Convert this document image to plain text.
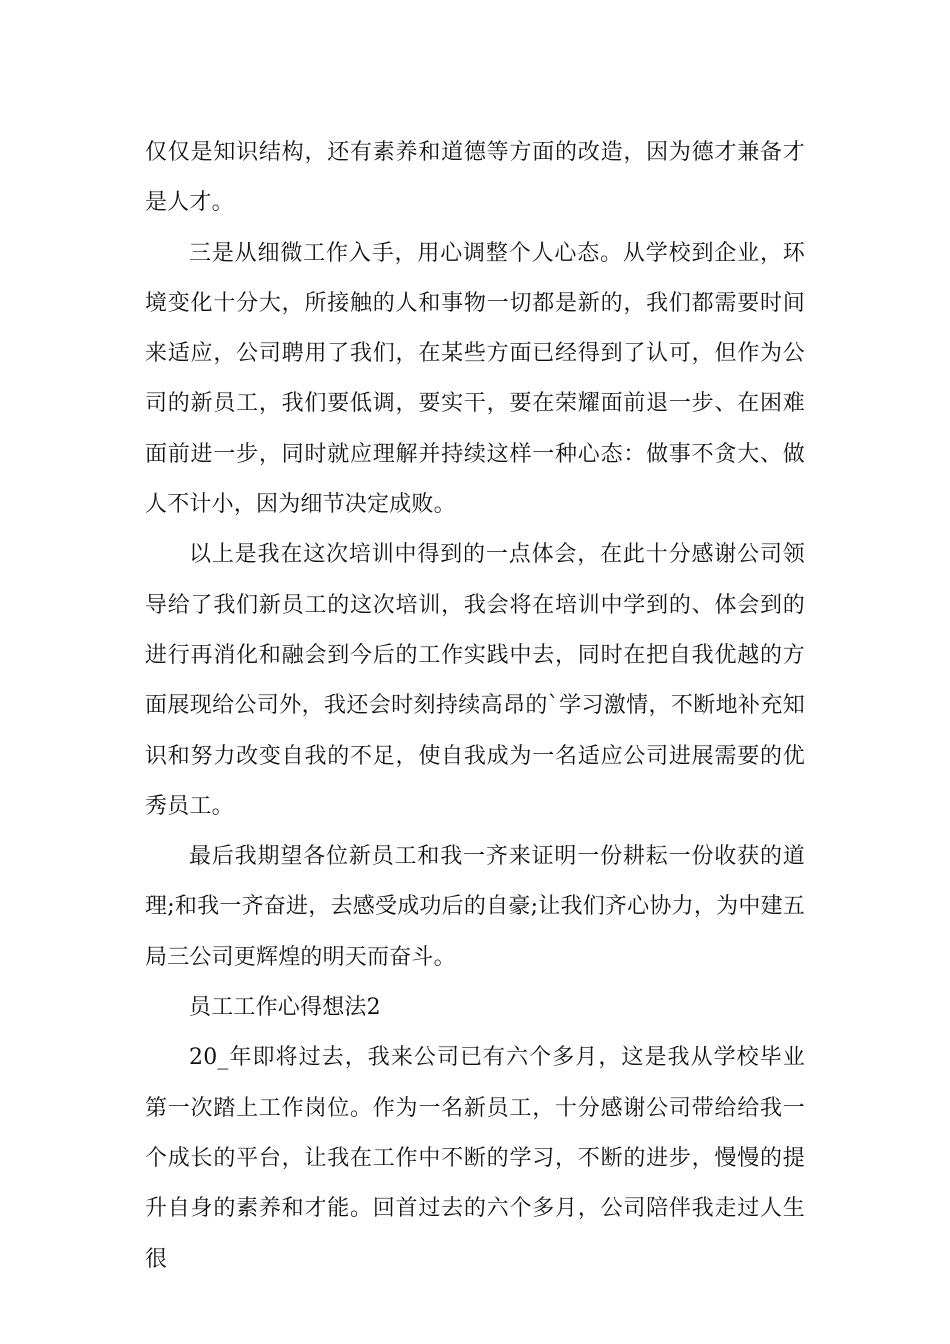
仅仅是知识结构，还有素养和道德等方面的改造，因为德才兼备才是人才。

三是从细微工作入手，用心调整个人心态。从学校到企业，环境变化十分大，所接触的人和事物一切都是新的，我们都需要时间来适应，公司聘用了我们，在某些方面已经得到了认可，但作为公司的新员工，我们要低调，要实干，要在荣耀面前退一步、在困难面前进一步，同时就应理解并持续这样一种心态：做事不贪大、做人不计小，因为细节决定成败。

以上是我在这次培训中得到的一点体会，在此十分感谢公司领导给了我们新员工的这次培训，我会将在培训中学到的、体会到的进行再消化和融会到今后的工作实践中去，同时在把自我优越的方面展现给公司外，我还会时刻持续高昂的`学习激情，不断地补充知识和努力改变自我的不足，使自我成为一名适应公司进展需要的优秀员工。

最后我期望各位新员工和我一齐来证明一份耕耘一份收获的道理;和我一齐奋进，去感受成功后的自豪;让我们齐心协力，为中建五局三公司更辉煌的明天而奋斗。

员工工作心得想法2

20_年即将过去，我来公司已有六个多月，这是我从学校毕业第一次踏上工作岗位。作为一名新员工，十分感谢公司带给给我一个成长的平台，让我在工作中不断的学习，不断的进步，慢慢的提升自身的素养和才能。回首过去的六个多月，公司陪伴我走过人生很
